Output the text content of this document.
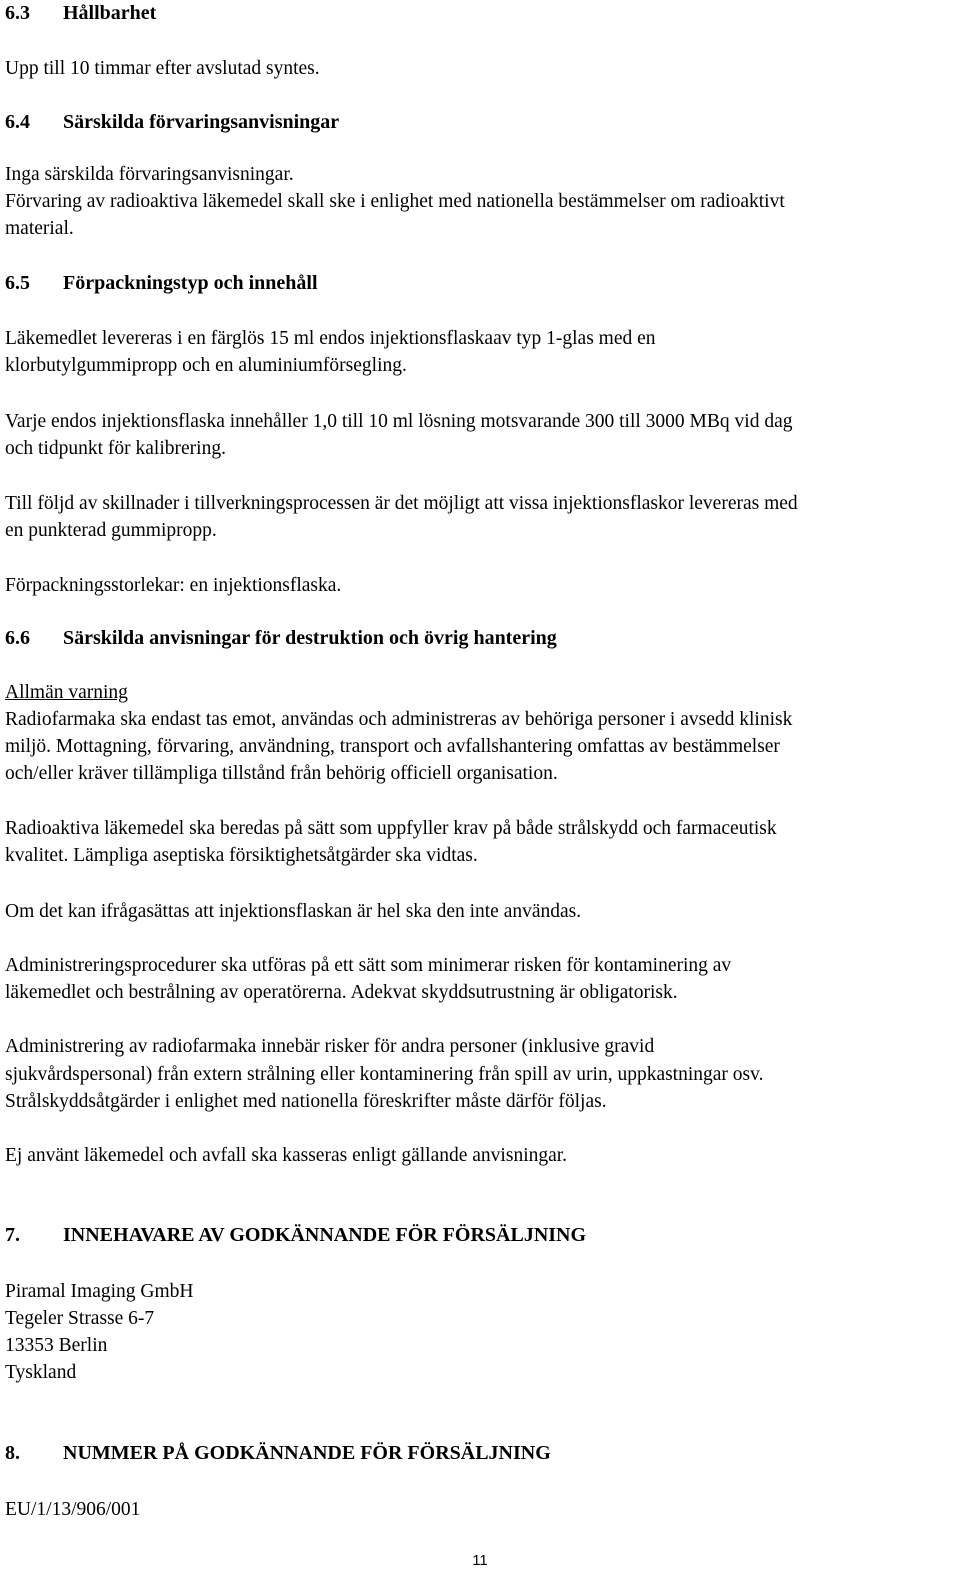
6.3 Hållbarhet

Upp till 10 timmar efter avslutad syntes.

6.4 Särskilda förvaringsanvisningar

Inga särskilda förvaringsanvisningar.

Förvaring av radioaktiva läkemedel skall ske i enlighet med nationella bestämmelser om radioaktivt

material.

6.5 Förpackningstyp och innehåll

Läkemedlet levereras i en färglös 15 ml endos injektionsflaskaav typ 1-glas med en

klorbutylgummipropp och en aluminiumförsegling.

Varje endos injektionsflaska innehåller 1,0 till 10 ml lösning motsvarande 300 till 3000 MBq vid dag

och tidpunkt för kalibrering.

Till följd av skillnader i tillverkningsprocessen är det möjligt att vissa injektionsflaskor levereras med

en punkterad gummipropp.

Förpackningsstorlekar: en injektionsflaska.

6.6 Särskilda anvisningar för destruktion och övrig hantering

Allmän varning

Radiofarmaka ska endast tas emot, användas och administreras av behöriga personer i avsedd klinisk

miljö. Mottagning, förvaring, användning, transport och avfallshantering omfattas av bestämmelser

och/eller kräver tillämpliga tillstånd från behörig officiell organisation.

Radioaktiva läkemedel ska beredas på sätt som uppfyller krav på både strålskydd och farmaceutisk

kvalitet. Lämpliga aseptiska försiktighetsåtgärder ska vidtas.

Om det kan ifrågasättas att injektionsflaskan är hel ska den inte användas.

Administreringsprocedurer ska utföras på ett sätt som minimerar risken för kontaminering av

läkemedlet och bestrålning av operatörerna. Adekvat skyddsutrustning är obligatorisk.

Administrering av radiofarmaka innebär risker för andra personer (inklusive gravid

sjukvårdspersonal) från extern strålning eller kontaminering från spill av urin, uppkastningar osv.

Strålskyddsåtgärder i enlighet med nationella föreskrifter måste därför följas.

Ej använt läkemedel och avfall ska kasseras enligt gällande anvisningar.

7. INNEHAVARE AV GODKÄNNANDE FÖR FÖRSÄLJNING

Piramal Imaging GmbH

Tegeler Strasse 6-7

13353 Berlin

Tyskland

8. NUMMER PÅ GODKÄNNANDE FÖR FÖRSÄLJNING

EU/1/13/906/001

11
